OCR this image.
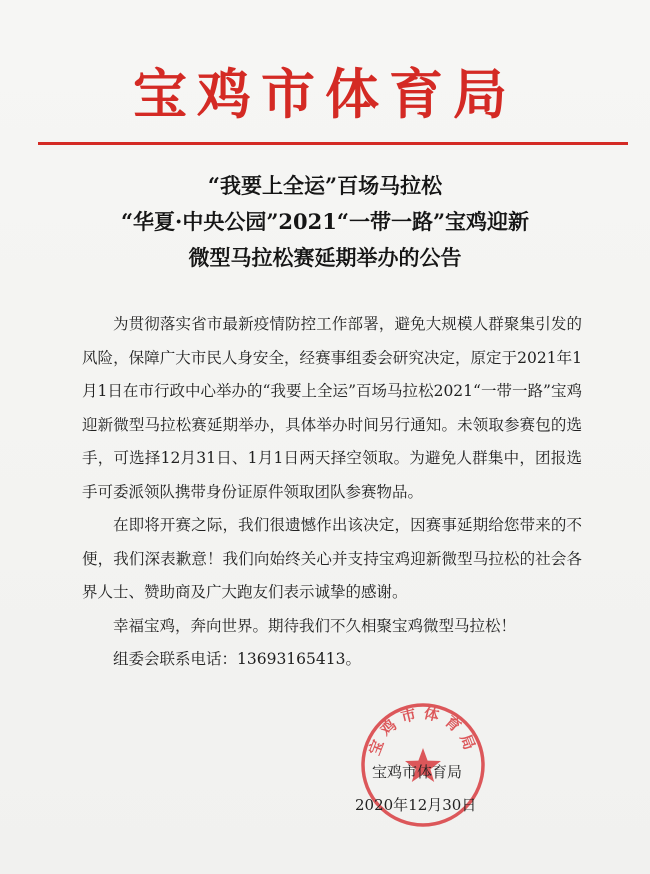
宝鸡市体育局
“我要上全运”百场马拉松
“华夏·中央公园”2021“一带一路”宝鸡迎新
微型马拉松赛延期举办的公告

为贯彻落实省市最新疫情防控工作部署，避免大规模人群聚集引发的风险，保障广大市民人身安全，经赛事组委会研究决定，原定于2021年1月1日在市行政中心举办的“我要上全运”百场马拉松2021“一带一路”宝鸡迎新微型马拉松赛延期举办，具体举办时间另行通知。未领取参赛包的选手，可选择12月31日、1月1日两天择空领取。为避免人群集中，团报选手可委派领队携带身份证原件领取团队参赛物品。

在即将开赛之际，我们很遗憾作出该决定，因赛事延期给您带来的不便，我们深表歉意！我们向始终关心并支持宝鸡迎新微型马拉松的社会各界人士、赞助商及广大跑友们表示诚挚的感谢。

幸福宝鸡，奔向世界。期待我们不久相聚宝鸡微型马拉松！

组委会联系电话：13693165413。

宝鸡市体育局
宝鸡市体育局
2020年12月30日
